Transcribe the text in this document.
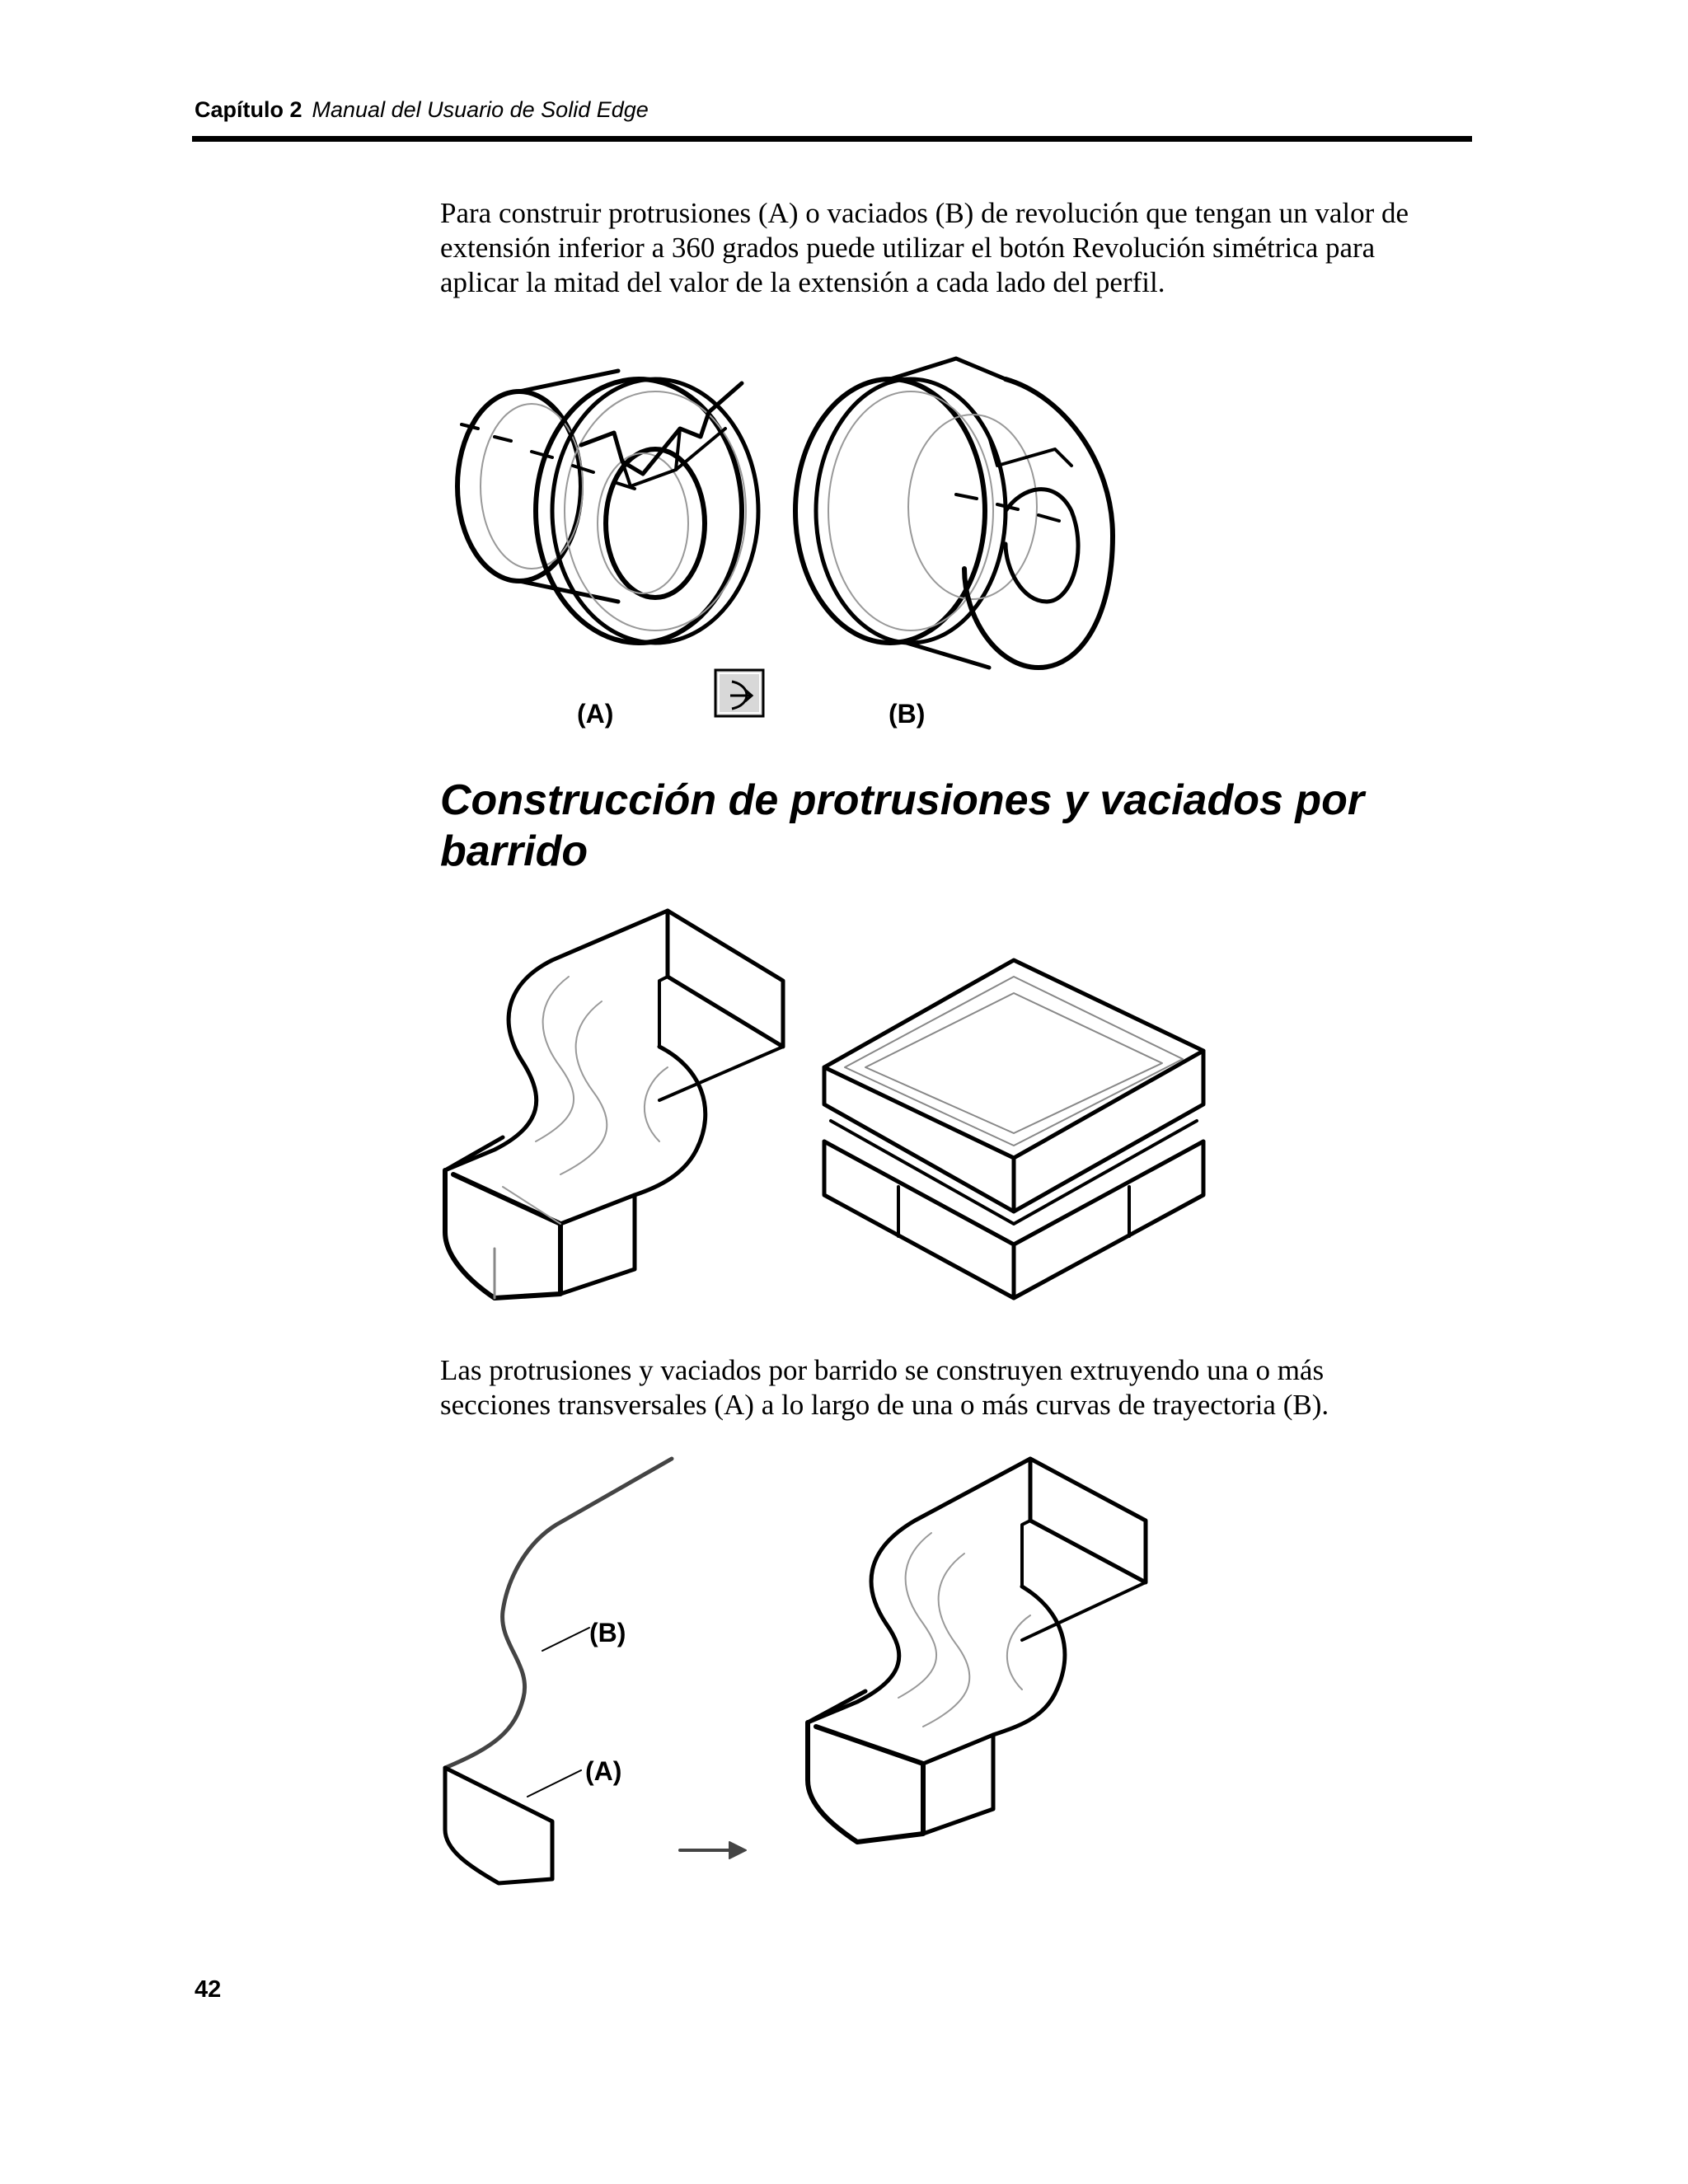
Capítulo 2 Manual del Usuario de Solid Edge
Para construir protrusiones (A) o vaciados (B) de revolución que tengan un valor de
extensión inferior a 360 grados puede utilizar el botón Revolución simétrica para
aplicar la mitad del valor de la extensión a cada lado del perfil.
(A)	(B)
Construcción de protrusiones y vaciados por
barrido
Las protrusiones y vaciados por barrido se construyen extruyendo una o más
secciones transversales (A) a lo largo de una o más curvas de trayectoria (B).
(B)
(A)
42
